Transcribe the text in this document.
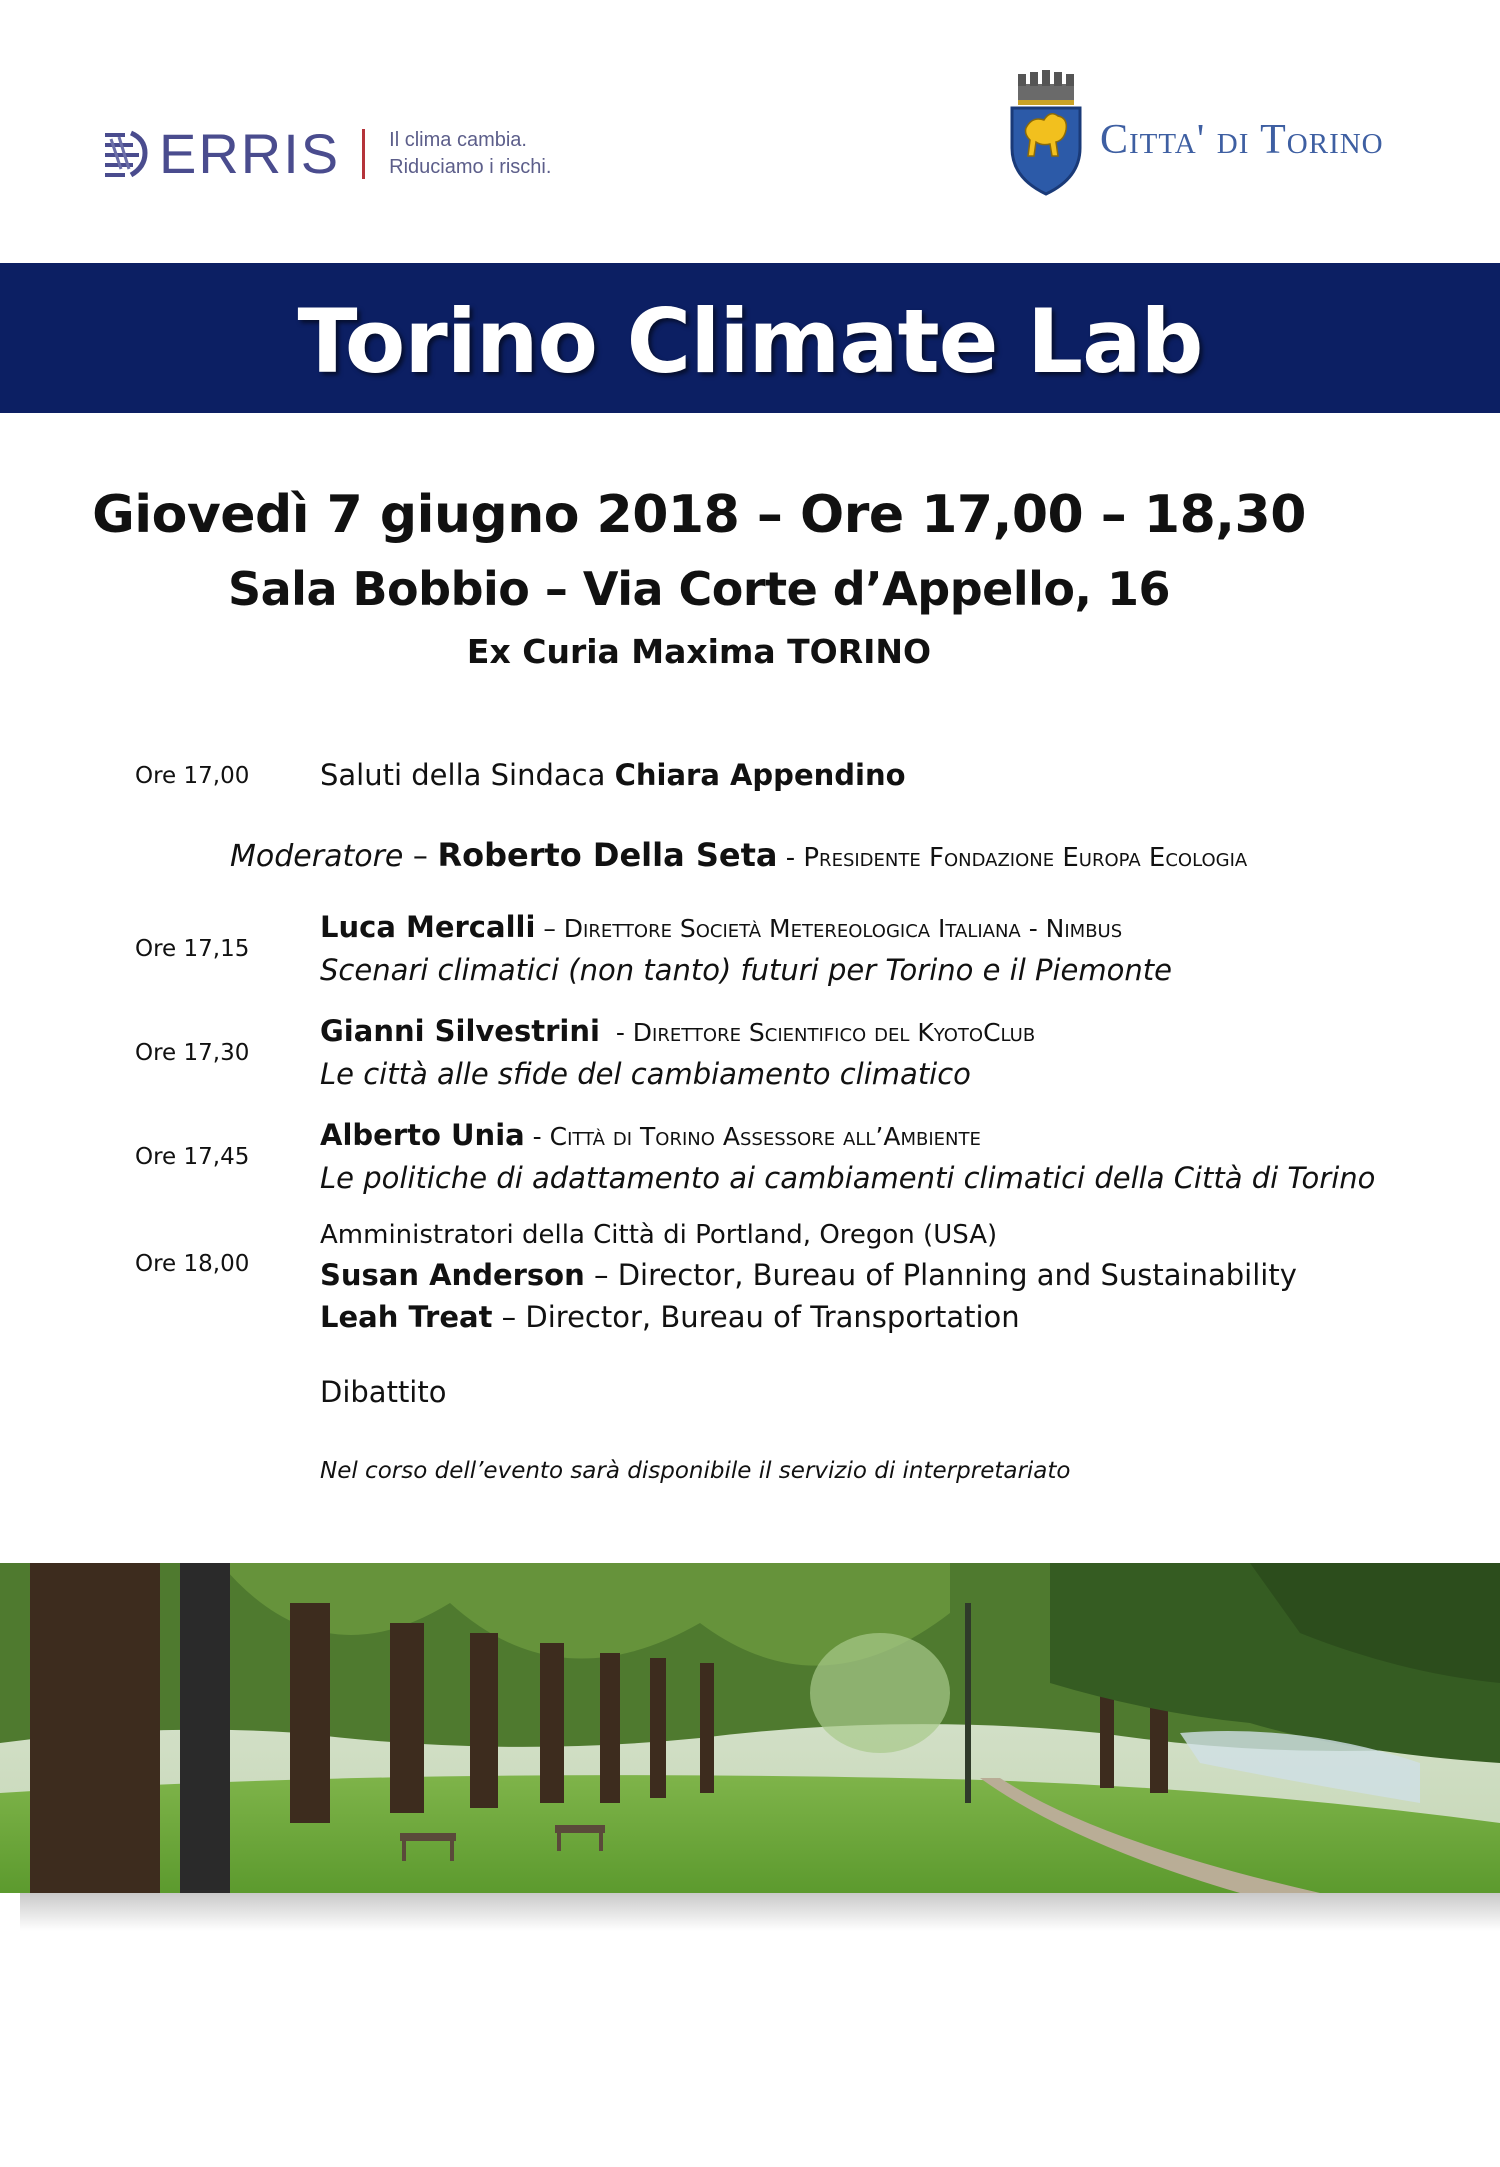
ERRIS Il clima cambia.
Riduciamo i rischi.
Citta' di Torino
Torino Climate Lab
Giovedì 7 giugno 2018 – Ore 17,00 – 18,30
Sala Bobbio – Via Corte d’Appello, 16
Ex Curia Maxima TORINO
Ore 17,00 Saluti della Sindaca Chiara Appendino
Moderatore – Roberto Della Seta - Presidente Fondazione Europa Ecologia
Ore 17,15
Luca Mercalli – Direttore Società Metereologica Italiana - Nimbus
Scenari climatici (non tanto) futuri per Torino e il Piemonte
Ore 17,30
Gianni Silvestrini  - Direttore Scientifico del KyotoClub
Le città alle sfide del cambiamento climatico
Ore 17,45
Alberto Unia - Città di Torino Assessore all’Ambiente
Le politiche di adattamento ai cambiamenti climatici della Città di Torino
Ore 18,00
Amministratori della Città di Portland, Oregon (USA)
Susan Anderson – Director, Bureau of Planning and Sustainability
Leah Treat – Director, Bureau of Transportation
Dibattito
Nel corso dell’evento sarà disponibile il servizio di interpretariato
